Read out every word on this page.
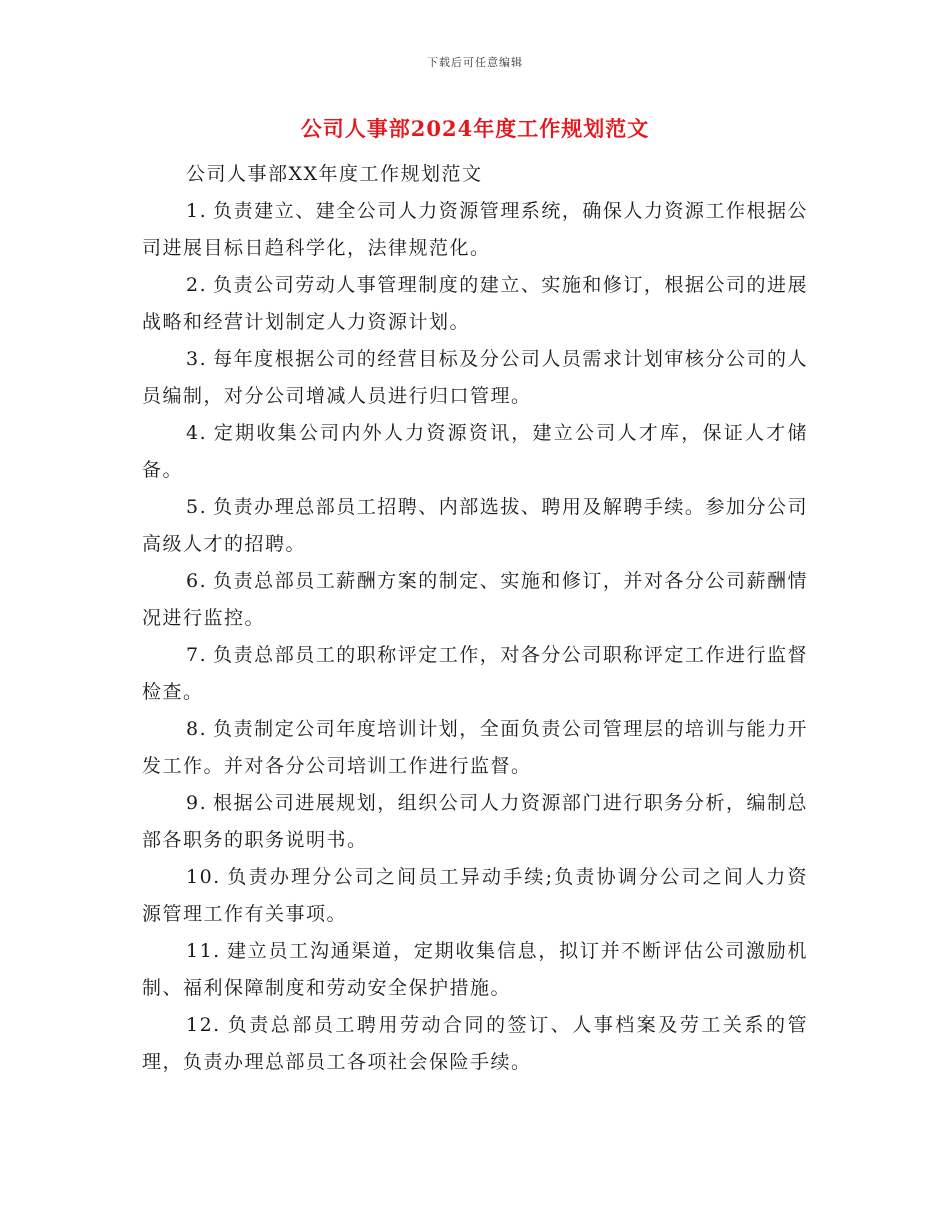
下载后可任意编辑
公司人事部2024年度工作规划范文

公司人事部XX年度工作规划范文

1. 负责建立、建全公司人力资源管理系统，确保人力资源工作根据公司进展目标日趋科学化，法律规范化。

2. 负责公司劳动人事管理制度的建立、实施和修订，根据公司的进展战略和经营计划制定人力资源计划。

3. 每年度根据公司的经营目标及分公司人员需求计划审核分公司的人员编制，对分公司增减人员进行归口管理。

4. 定期收集公司内外人力资源资讯，建立公司人才库，保证人才储备。

5. 负责办理总部员工招聘、内部选拔、聘用及解聘手续。参加分公司高级人才的招聘。

6. 负责总部员工薪酬方案的制定、实施和修订，并对各分公司薪酬情况进行监控。

7. 负责总部员工的职称评定工作，对各分公司职称评定工作进行监督检查。

8. 负责制定公司年度培训计划，全面负责公司管理层的培训与能力开发工作。并对各分公司培训工作进行监督。

9. 根据公司进展规划，组织公司人力资源部门进行职务分析，编制总部各职务的职务说明书。

10. 负责办理分公司之间员工异动手续;负责协调分公司之间人力资源管理工作有关事项。

11. 建立员工沟通渠道，定期收集信息，拟订并不断评估公司激励机制、福利保障制度和劳动安全保护措施。

12. 负责总部员工聘用劳动合同的签订、人事档案及劳工关系的管理，负责办理总部员工各项社会保险手续。
